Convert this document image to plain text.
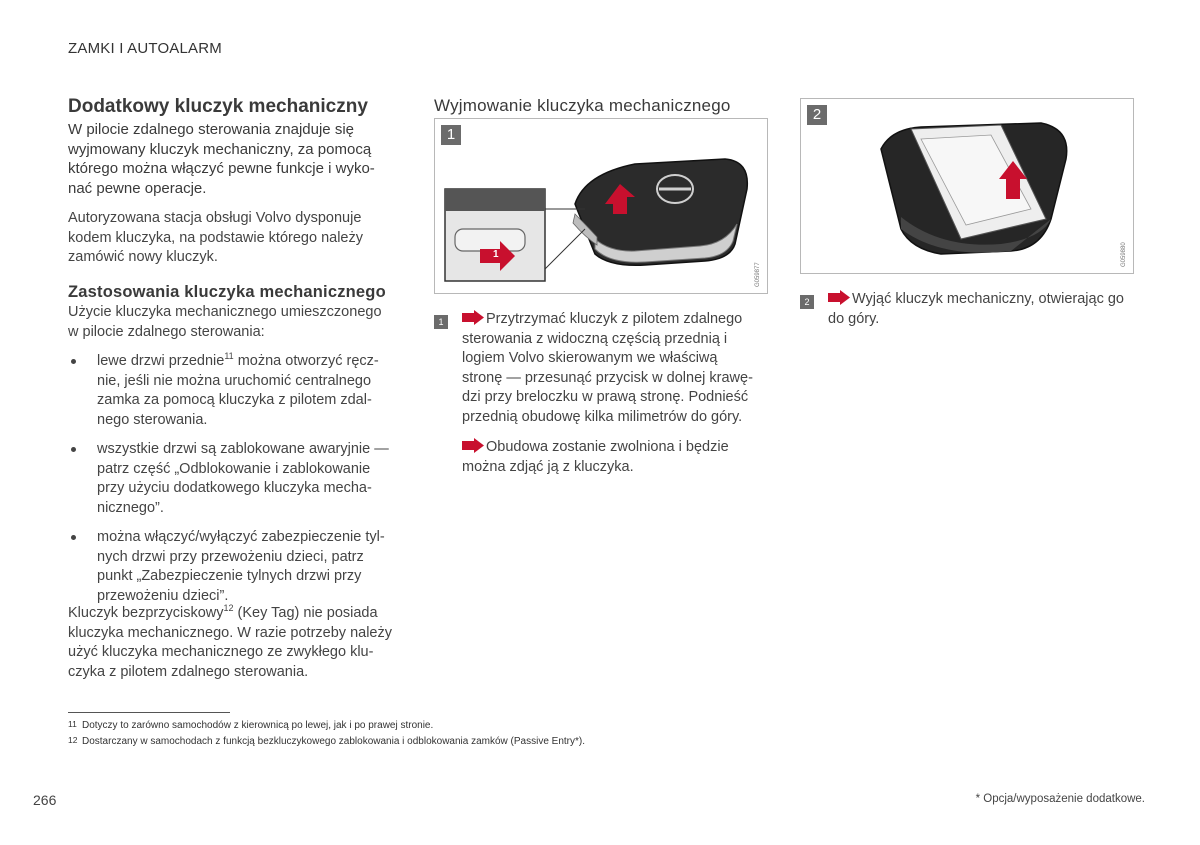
ZAMKI I AUTOALARM
Dodatkowy kluczyk mechaniczny
W pilocie zdalnego sterowania znajduje się
wyjmowany kluczyk mechaniczny, za pomocą
którego można włączyć pewne funkcje i wyko-
nać pewne operacje.
Autoryzowana stacja obsługi Volvo dysponuje
kodem kluczyka, na podstawie którego należy
zamówić nowy kluczyk.
Zastosowania kluczyka mechanicznego
Użycie kluczyka mechanicznego umieszczonego
w pilocie zdalnego sterowania:
lewe drzwi przednie$^{11}$ można otworzyć ręcz-
nie, jeśli nie można uruchomić centralnego
zamka za pomocą kluczyka z pilotem zdal-
nego sterowania.
wszystkie drzwi są zablokowane awaryjnie —
patrz część „Odblokowanie i zablokowanie
przy użyciu dodatkowego kluczyka mecha-
nicznego”.
można włączyć/wyłączyć zabezpieczenie tyl-
nych drzwi przy przewożeniu dzieci, patrz
punkt „Zabezpieczenie tylnych drzwi przy
przewożeniu dzieci”.
Kluczyk bezprzyciskowy$^{12}$ (Key Tag) nie posiada
kluczyka mechanicznego. W razie potrzeby należy
użyć kluczyka mechanicznego ze zwykłego klu-
czyka z pilotem zdalnego sterowania.
Wyjmowanie kluczyka mechanicznego
1
1
G059877
1	Przytrzymać kluczyk z pilotem zdalnego
sterowania z widoczną częścią przednią i
logiem Volvo skierowanym we właściwą
stronę — przesunąć przycisk w dolnej krawę-
dzi przy breloczku w prawą stronę. Podnieść
przednią obudowę kilka milimetrów do góry.
Obudowa zostanie zwolniona i będzie
można zdjąć ją z kluczyka.
2
G059880
2	Wyjąć kluczyk mechaniczny, otwierając go
do góry.
11 Dotyczy to zarówno samochodów z kierownicą po lewej, jak i po prawej stronie.
12 Dostarczany w samochodach z funkcją bezkluczykowego zablokowania i odblokowania zamków (Passive Entry*).
266	* Opcja/wyposażenie dodatkowe.
